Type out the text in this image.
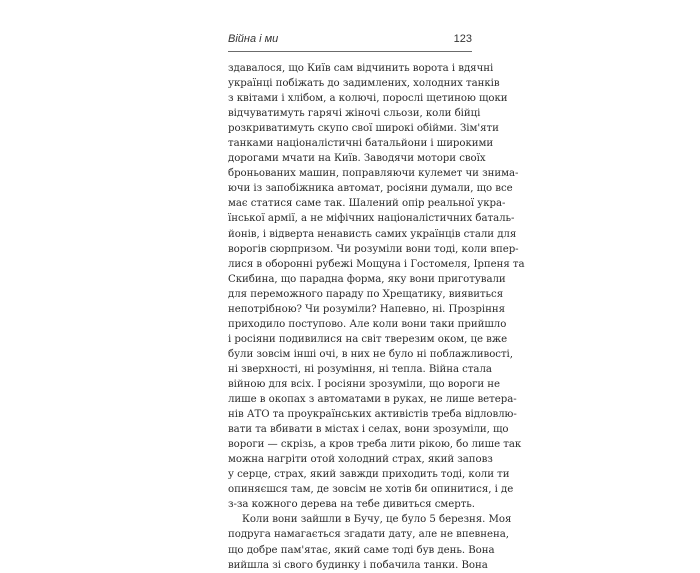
Війна і ми	123
здавалося, що Київ сам відчинить ворота і вдячні
українці побіжать до задимлених, холодних танків
з квітами і хлібом, а колючі, порослі щетиною щоки
відчуватимуть гарячі жіночі сльози, коли бійці
розкриватимуть скупо свої широкі обійми. Зім'яти
танками націоналістичні батальйони і широкими
дорогами мчати на Київ. Заводячи мотори своїх
броньованих машин, поправляючи кулемет чи знима-
ючи із запобіжника автомат, росіяни думали, що все
має статися саме так. Шалений опір реальної укра-
їнської армії, а не міфічних націоналістичних баталь-
йонів, і відверта ненависть самих українців стали для
ворогів сюрпризом. Чи розуміли вони тоді, коли впер-
лися в оборонні рубежі Мощуна і Гостомеля, Ірпеня та
Скибина, що парадна форма, яку вони приготували
для переможного параду по Хрещатику, виявиться
непотрібною? Чи розуміли? Напевно, ні. Прозріння
приходило поступово. Але коли вони таки прийшло
і росіяни подивилися на світ тверезим оком, це вже
були зовсім інші очі, в них не було ні поблажливості,
ні зверхності, ні розуміння, ні тепла. Війна стала
війною для всіх. І росіяни зрозуміли, що вороги не
лише в окопах з автоматами в руках, не лише ветера-
нів АТО та проукраїнських активістів треба відловлю-
вати та вбивати в містах і селах, вони зрозуміли, що
вороги — скрізь, а кров треба лити рікою, бо лише так
можна нагріти отой холодний страх, який заповз
у серце, страх, який завжди приходить тоді, коли ти
опиняєшся там, де зовсім не хотів би опинитися, і де
з-за кожного дерева на тебе дивиться смерть.
Коли вони зайшли в Бучу, це було 5 березня. Моя
подруга намагається згадати дату, але не впевнена,
що добре пам'ятає, який саме тоді був день. Вона
вийшла зі свого будинку і побачила танки. Вона
